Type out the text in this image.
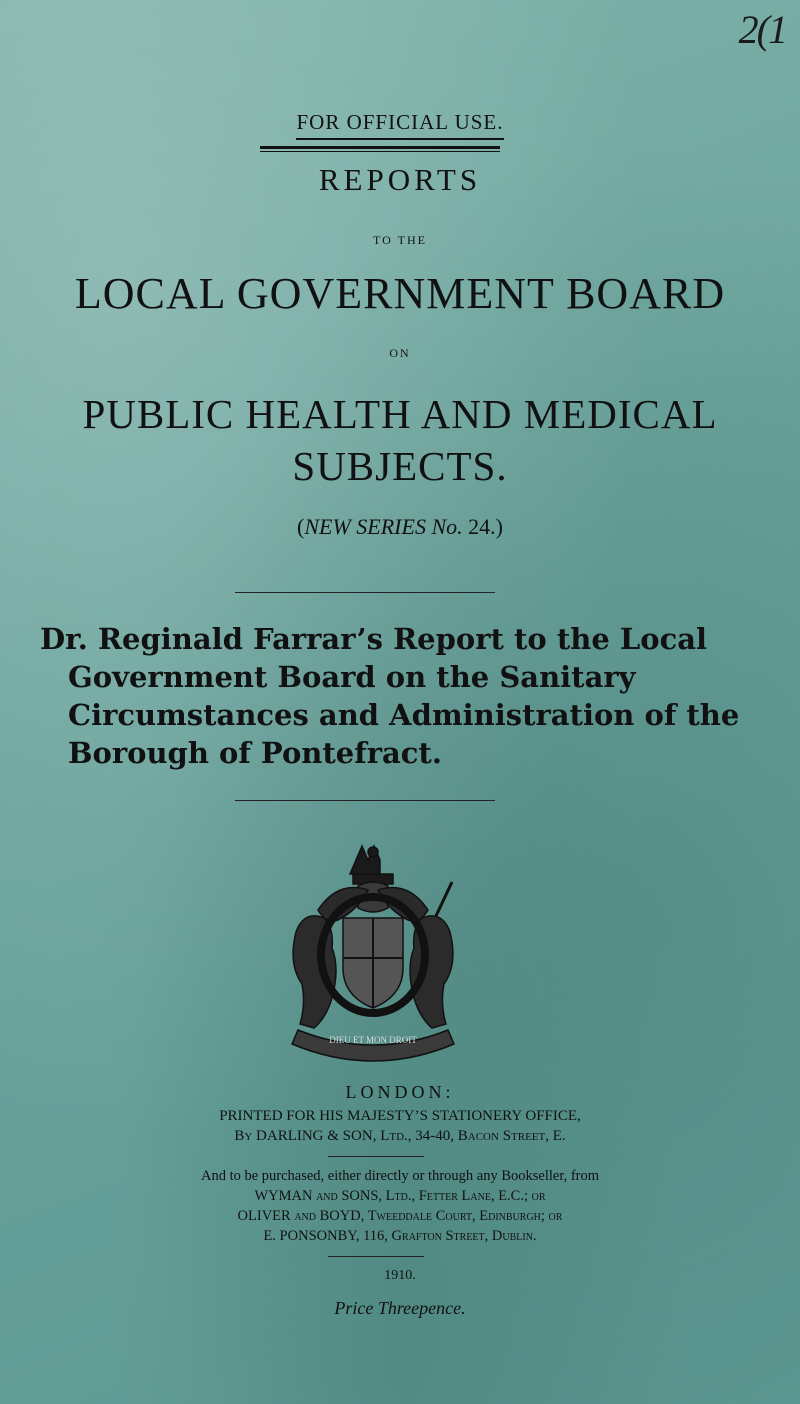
2(1
FOR OFFICIAL USE.
REPORTS
TO THE
LOCAL GOVERNMENT BOARD
ON
PUBLIC HEALTH AND MEDICAL
SUBJECTS.
(NEW SERIES No. 24.)
Dr. Reginald Farrar’s Report to the Local
Government Board on the Sanitary
Circumstances and Administration of the
Borough of Pontefract.
DIEU ET MON DROIT
LONDON:
PRINTED FOR HIS MAJESTY’S STATIONERY OFFICE,
By DARLING & SON, Ltd., 34-40, Bacon Street, E.
And to be purchased, either directly or through any Bookseller, from
WYMAN and SONS, Ltd., Fetter Lane, E.C.; or
OLIVER and BOYD, Tweeddale Court, Edinburgh; or
E. PONSONBY, 116, Grafton Street, Dublin.
1910.
Price Threepence.
